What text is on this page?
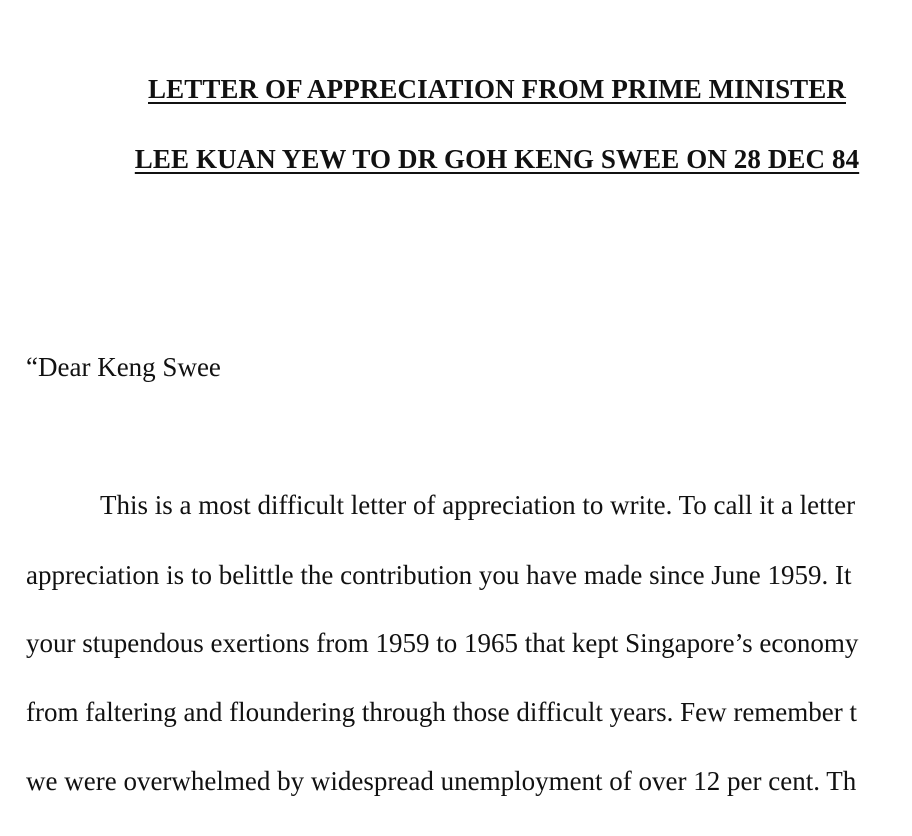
LETTER OF APPRECIATION FROM PRIME MINISTER
LEE KUAN YEW TO DR GOH KENG SWEE ON 28 DEC 84
“Dear Keng Swee
This is a most difficult letter of appreciation to write. To call it a letter
appreciation is to belittle the contribution you have made since June 1959. It
your stupendous exertions from 1959 to 1965 that kept Singapore’s economy
from faltering and floundering through those difficult years. Few remember t
we were overwhelmed by widespread unemployment of over 12 per cent. Th
